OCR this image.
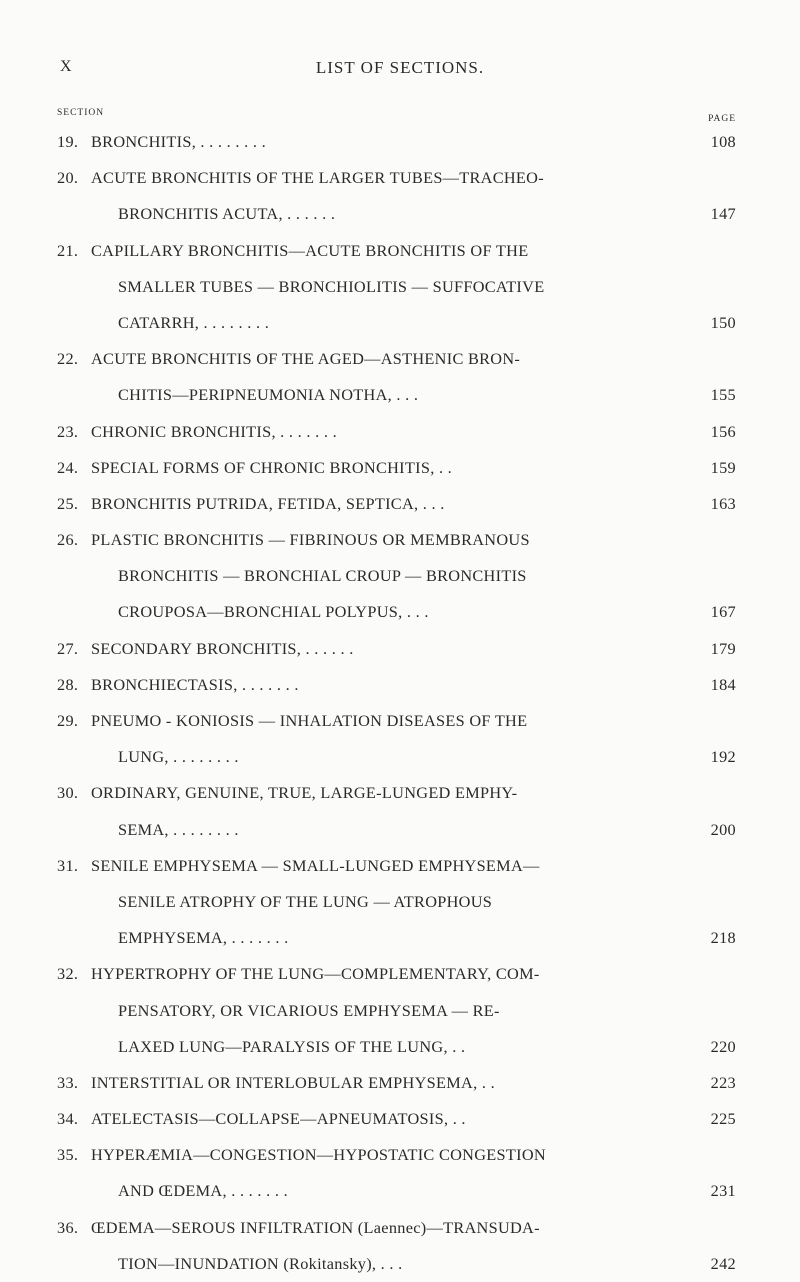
X	LIST OF SECTIONS.
SECTION
PAGE
19. BRONCHITIS, . . . . . . . .	108
20. ACUTE BRONCHITIS OF THE LARGER TUBES—TRACHEO-
BRONCHITIS ACUTA, . . . . . .	147
21. CAPILLARY BRONCHITIS—ACUTE BRONCHITIS OF THE
SMALLER TUBES — BRONCHIOLITIS — SUFFOCATIVE
CATARRH, . . . . . . . .	150
22. ACUTE BRONCHITIS OF THE AGED—ASTHENIC BRON-
CHITIS—PERIPNEUMONIA NOTHA, . . .	155
23. CHRONIC BRONCHITIS, . . . . . . .	156
24. SPECIAL FORMS OF CHRONIC BRONCHITIS, . .	159
25. BRONCHITIS PUTRIDA, FETIDA, SEPTICA, . . .	163
26. PLASTIC BRONCHITIS — FIBRINOUS OR MEMBRANOUS
BRONCHITIS — BRONCHIAL CROUP — BRONCHITIS
CROUPOSA—BRONCHIAL POLYPUS, . . .	167
27. SECONDARY BRONCHITIS, . . . . . .	179
28. BRONCHIECTASIS, . . . . . . .	184
29. PNEUMO - KONIOSIS — INHALATION DISEASES OF THE
LUNG, . . . . . . . .	192
30. ORDINARY, GENUINE, TRUE, LARGE-LUNGED EMPHY-
SEMA, . . . . . . . .	200
31. SENILE EMPHYSEMA — SMALL-LUNGED EMPHYSEMA—
SENILE ATROPHY OF THE LUNG — ATROPHOUS
EMPHYSEMA, . . . . . . .	218
32. HYPERTROPHY OF THE LUNG—COMPLEMENTARY, COM-
PENSATORY, OR VICARIOUS EMPHYSEMA — RE-
LAXED LUNG—PARALYSIS OF THE LUNG, . .	220
33. INTERSTITIAL OR INTERLOBULAR EMPHYSEMA, . .	223
34. ATELECTASIS—COLLAPSE—APNEUMATOSIS, . .	225
35. HYPERÆMIA—CONGESTION—HYPOSTATIC CONGESTION
AND ŒDEMA, . . . . . . .	231
36. ŒDEMA—SEROUS INFILTRATION (Laennec)—TRANSUDA-
TION—INUNDATION (Rokitansky), . . .	242
